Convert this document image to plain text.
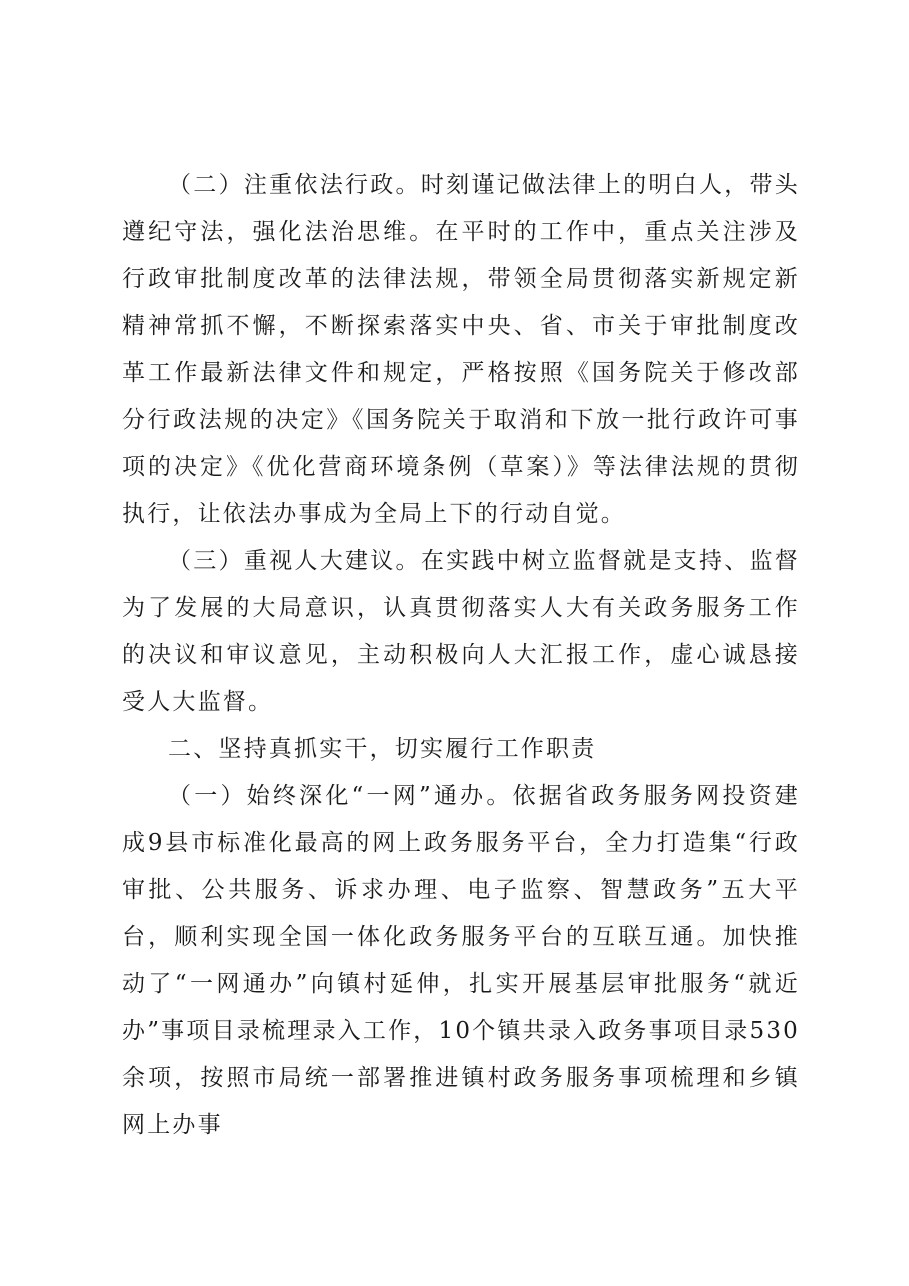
（二）注重依法行政。时刻谨记做法律上的明白人，带头遵纪守法，强化法治思维。在平时的工作中，重点关注涉及行政审批制度改革的法律法规，带领全局贯彻落实新规定新精神常抓不懈，不断探索落实中央、省、市关于审批制度改革工作最新法律文件和规定，严格按照《国务院关于修改部分行政法规的决定》《国务院关于取消和下放一批行政许可事项的决定》《优化营商环境条例（草案）》等法律法规的贯彻执行，让依法办事成为全局上下的行动自觉。

（三）重视人大建议。在实践中树立监督就是支持、监督为了发展的大局意识，认真贯彻落实人大有关政务服务工作的决议和审议意见，主动积极向人大汇报工作，虚心诚恳接受人大监督。

二、坚持真抓实干，切实履行工作职责

（一）始终深化“一网”通办。依据省政务服务网投资建成9县市标准化最高的网上政务服务平台，全力打造集“行政审批、公共服务、诉求办理、电子监察、智慧政务”五大平台，顺利实现全国一体化政务服务平台的互联互通。加快推动了“一网通办”向镇村延伸，扎实开展基层审批服务“就近办”事项目录梳理录入工作，10个镇共录入政务事项目录530余项，按照市局统一部署推进镇村政务服务事项梳理和乡镇网上办事
